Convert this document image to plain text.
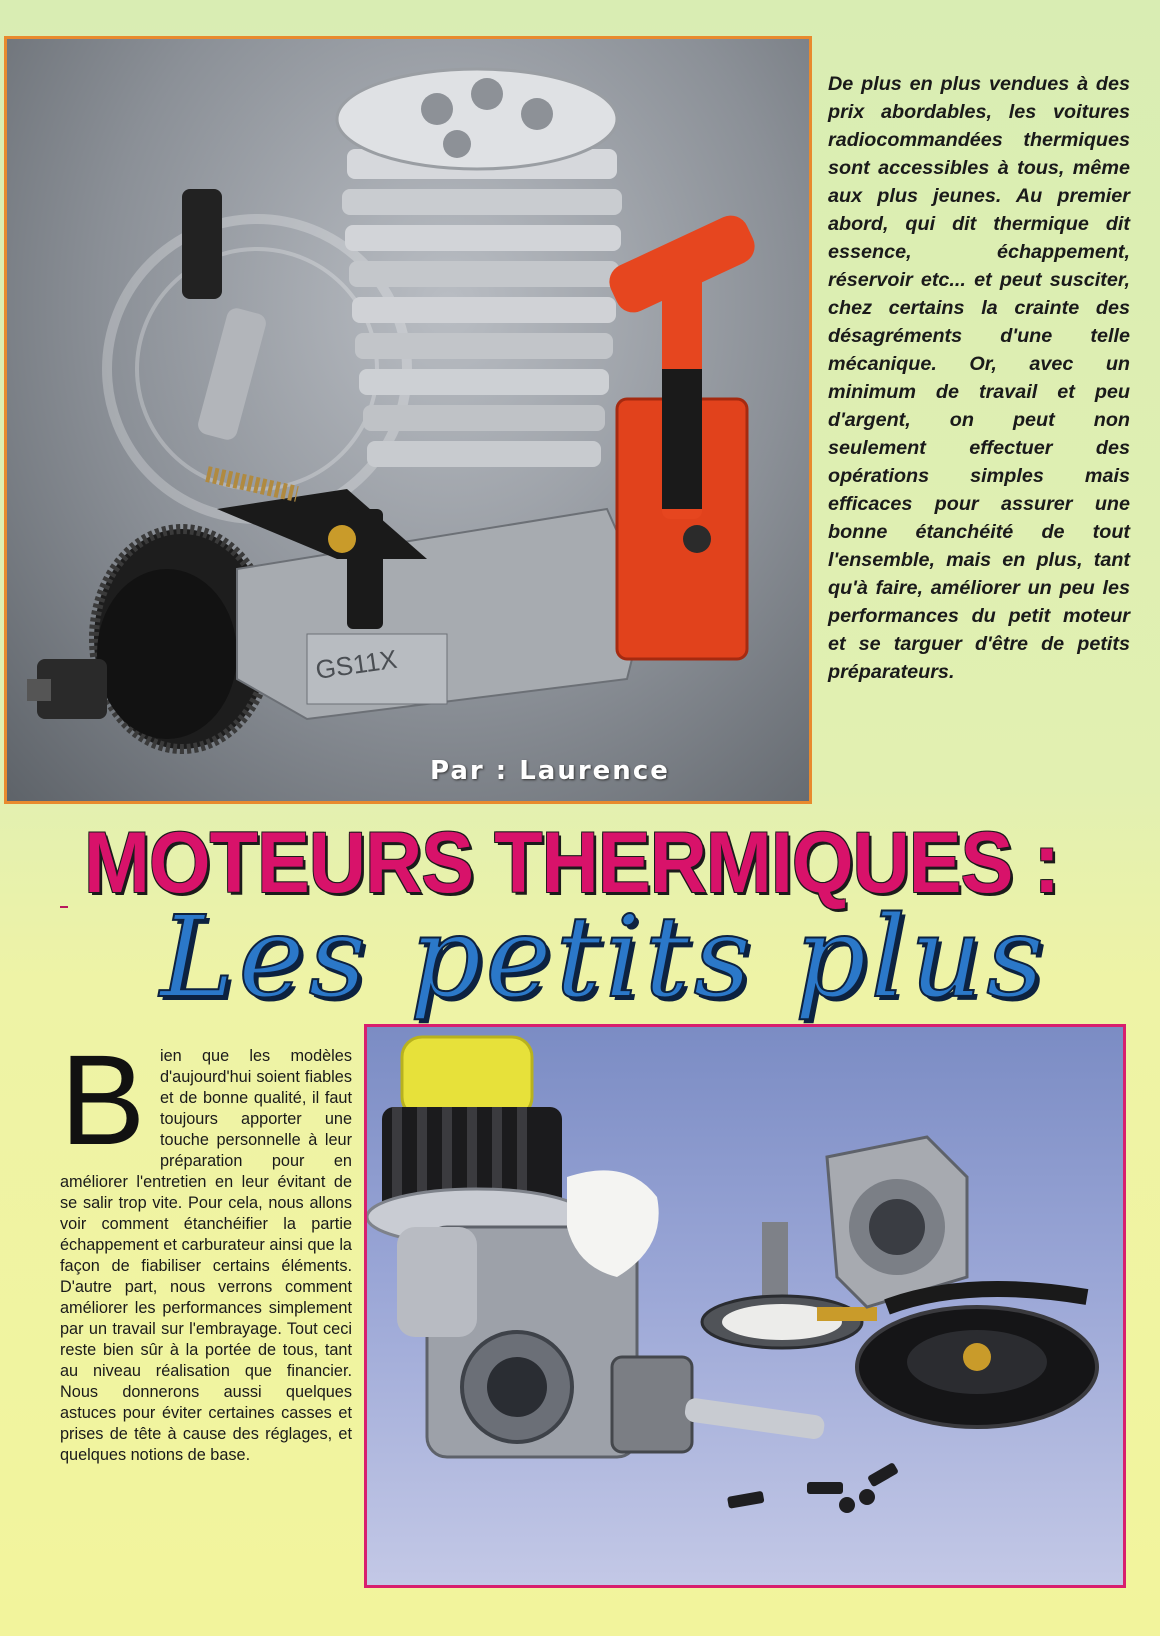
GS11X
Par : Laurence
De plus en plus vendues à des prix abordables, les voitures radiocommandées thermiques sont accessibles à tous, même aux plus jeunes. Au premier abord, qui dit thermique dit essence, échappement, réservoir etc... et peut susciter, chez certains la crainte des désagréments d'une telle mécanique. Or, avec un minimum de travail et peu d'argent, on peut non seulement effectuer des opérations simples mais efficaces pour assurer une bonne étanchéité de tout l'ensemble, mais en plus, tant qu'à faire, améliorer un peu les performances du petit moteur et se targuer d'être de petits préparateurs.
MOTEURS THERMIQUES :
Les petits plus
B ien que les modèles d'aujourd'hui soient fiables et de bonne qualité, il faut toujours apporter une touche personnelle à leur préparation pour en améliorer l'entretien en leur évitant de se salir trop vite. Pour cela, nous allons voir comment étanchéifier la partie échappement et carburateur ainsi que la façon de fiabiliser certains éléments. D'autre part, nous verrons comment améliorer les performances simplement par un travail sur l'embrayage. Tout ceci reste bien sûr à la portée de tous, tant au niveau réalisation que financier. Nous donnerons aussi quelques astuces pour éviter certaines casses et prises de tête à cause des réglages, et quelques notions de base.
